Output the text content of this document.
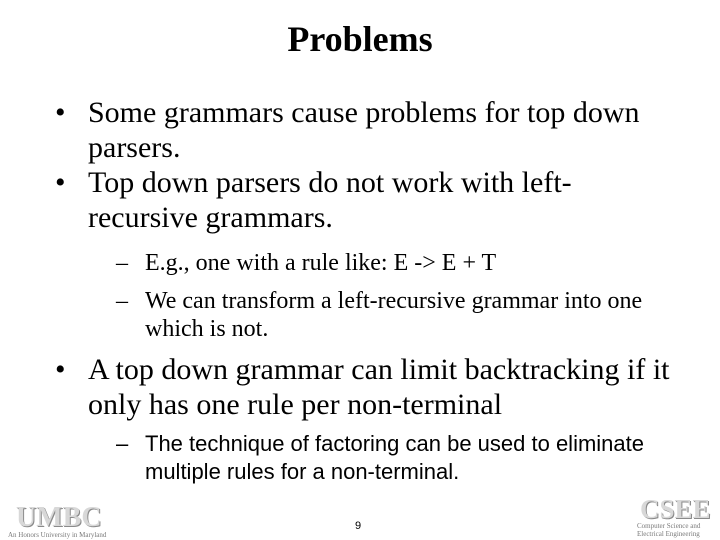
Problems
• Some grammars cause problems for top down parsers.
• Top down parsers do not work with left-recursive grammars.
– E.g., one with a rule like: E -> E + T
– We can transform a left-recursive grammar into one which is not.
• A top down grammar can limit backtracking if it only has one rule per non-terminal
– The technique of factoring can be used to eliminate multiple rules for a non-terminal.
UMBC
An Honors University in Maryland
9
CSEE
Computer Science and
Electrical Engineering
